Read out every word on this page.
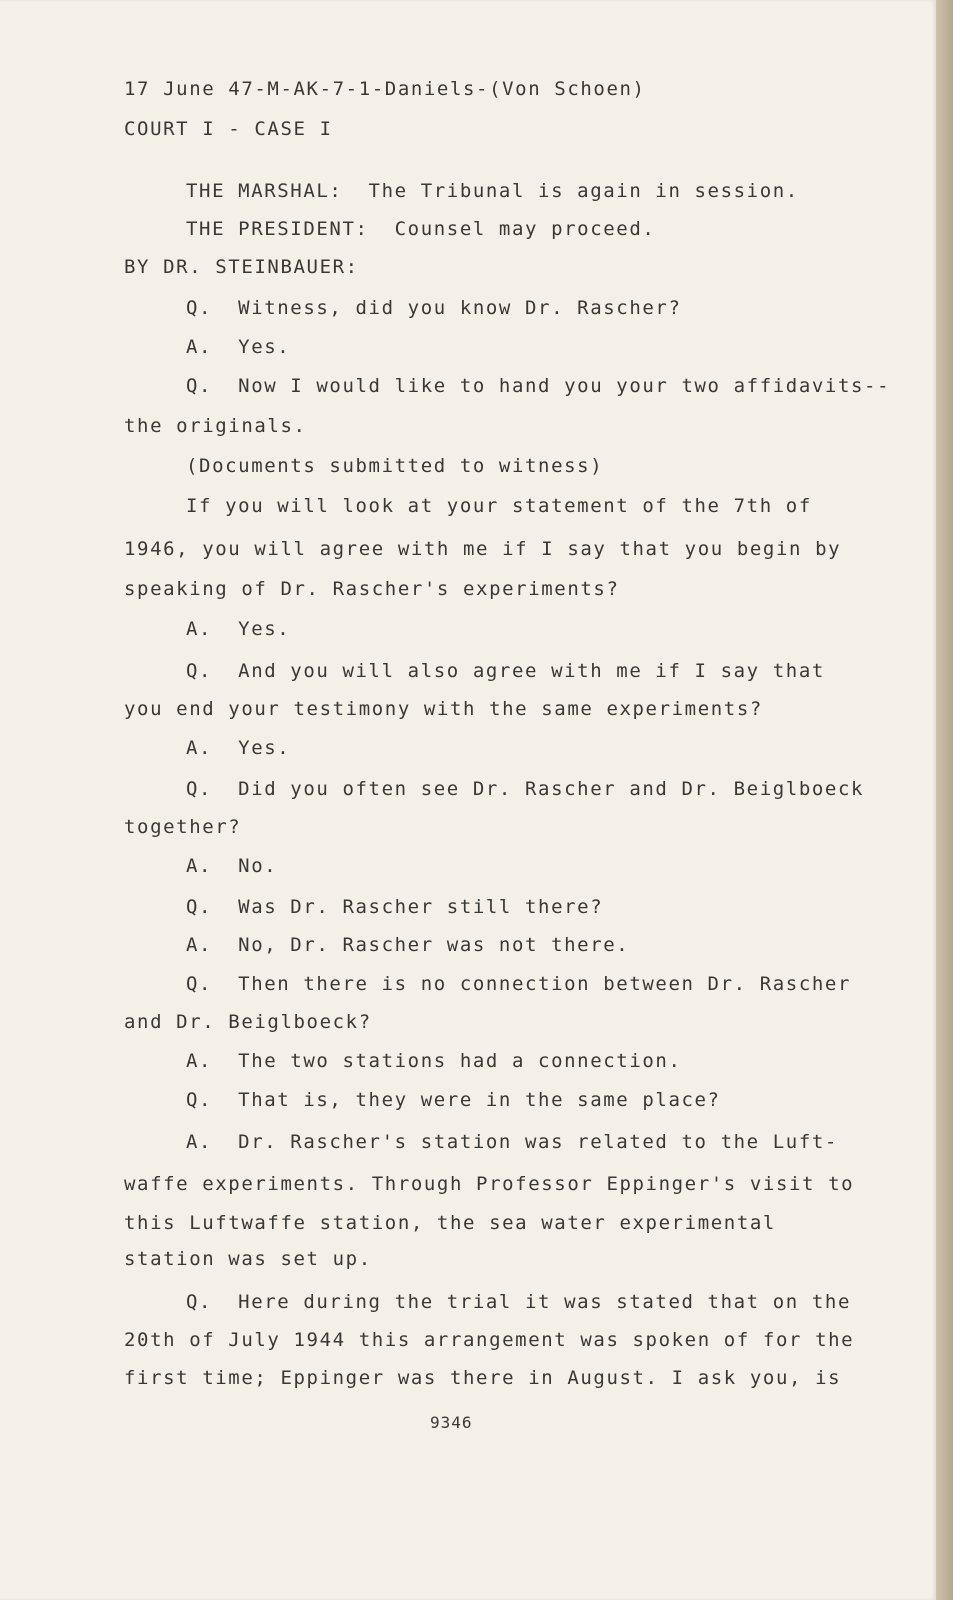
17 June 47-M-AK-7-1-Daniels-(Von Schoen)
COURT I - CASE I
THE MARSHAL:  The Tribunal is again in session.
THE PRESIDENT:  Counsel may proceed.
BY DR. STEINBAUER:
Q.  Witness, did you know Dr. Rascher?
A.  Yes.
Q.  Now I would like to hand you your two affidavits--
the originals.
(Documents submitted to witness)
If you will look at your statement of the 7th of
1946, you will agree with me if I say that you begin by
speaking of Dr. Rascher's experiments?
A.  Yes.
Q.  And you will also agree with me if I say that
you end your testimony with the same experiments?
A.  Yes.
Q.  Did you often see Dr. Rascher and Dr. Beiglboeck
together?
A.  No.
Q.  Was Dr. Rascher still there?
A.  No, Dr. Rascher was not there.
Q.  Then there is no connection between Dr. Rascher
and Dr. Beiglboeck?
A.  The two stations had a connection.
Q.  That is, they were in the same place?
A.  Dr. Rascher's station was related to the Luft-
waffe experiments. Through Professor Eppinger's visit to
this Luftwaffe station, the sea water experimental
station was set up.
Q.  Here during the trial it was stated that on the
20th of July 1944 this arrangement was spoken of for the
first time; Eppinger was there in August. I ask you, is
9346
